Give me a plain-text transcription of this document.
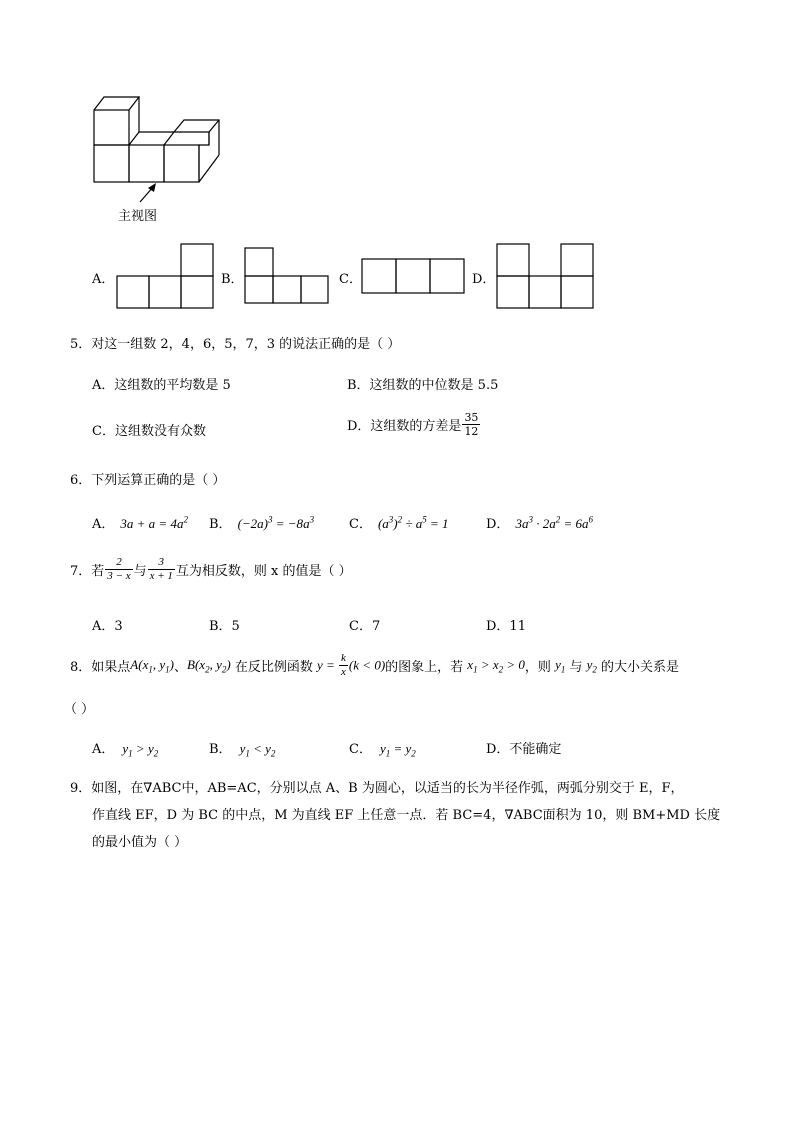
主视图
A．	B．	C．	D．
5．对这一组数 2，4，6，5，7，3 的说法正确的是（ ）
A．这组数的平均数是 5	B．这组数的中位数是 5.5
C．这组数没有众数	D．这组数的方差是 $\frac{35}{12}$
6．下列运算正确的是（ ）
A． $3a + a = 4a^2$ B． $(-2a)^3 = -8a^3$	C． $(a^3)^2 \div a^5 = 1$	D． $3a^3 \cdot 2a^2 = 6a^6$
7．若 $\frac{2}{3 - x}$ 与 $\frac{3}{x + 1}$ 互为相反数，则 x 的值是（ ）
A．3	B．5	C．7	D．11
8．如果点$A(x_1$, $y_1$)、$B(x_2$, $y_2$) 在反比例函数 $y = \frac{k}{x} (k < 0)$的图象上，若 $x_1 > x_2 > 0$，则 $y_1$ 与 $y_2$ 的大小关系是
（ ）
A． $y_1 > y_2$	B． $y_1 < y_2$	C． $y_1 = y_2$	D．不能确定
9．如图，在∇ABC中，AB=AC，分别以点 A、B 为圆心，以适当的长为半径作弧，两弧分别交于 E，F，
作直线 EF，D 为 BC 的中点，M 为直线 EF 上任意一点．若 BC=4，∇ABC面积为 10，则 BM+MD 长度
的最小值为（ ）
